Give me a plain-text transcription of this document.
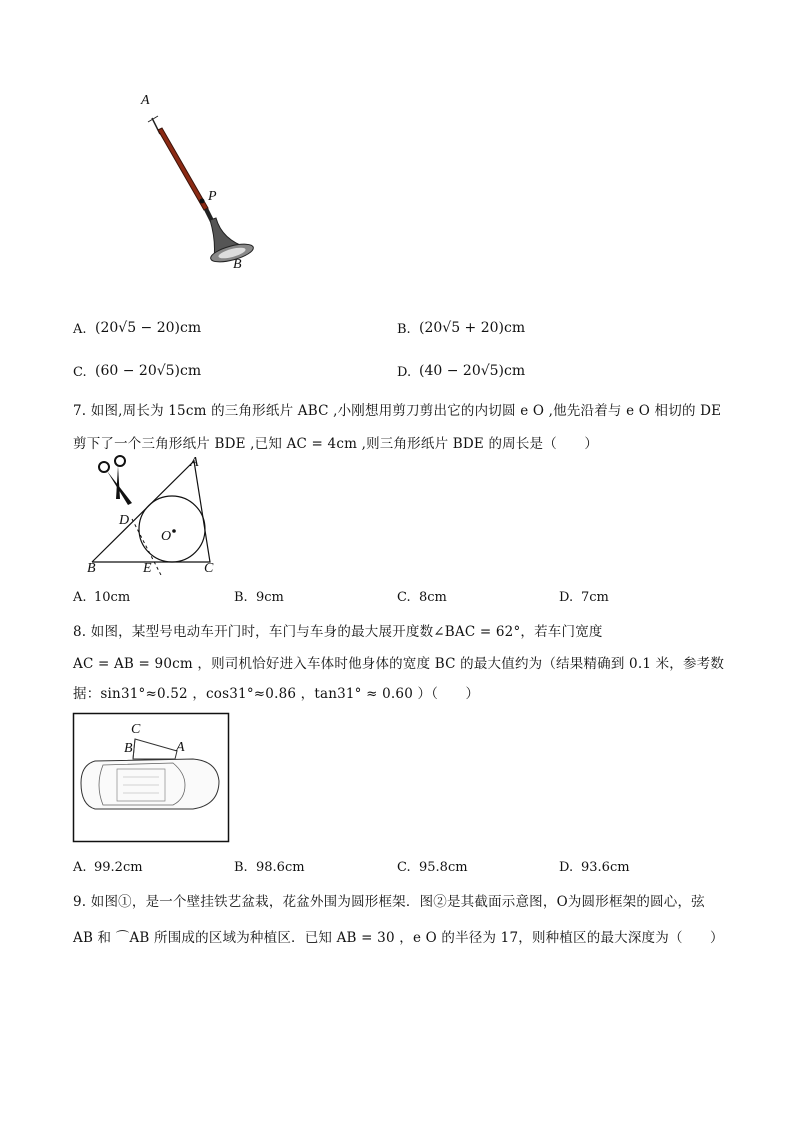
A
P
B
A. (20√5 − 20)cm	B. (20√5 + 20)cm
C. (60 − 20√5)cm	D. (40 − 20√5)cm
7. 如图,周长为 15cm 的三角形纸片 ABC ,小刚想用剪刀剪出它的内切圆 e O ,他先沿着与 e O 相切的 DE
剪下了一个三角形纸片 BDE ,已知 AC = 4cm ,则三角形纸片 BDE 的周长是（　　）
A
D
O
B	E	C
A. 10cm	B. 9cm	C. 8cm	D. 7cm
8. 如图，某型号电动车开门时，车门与车身的最大展开度数∠BAC = 62°，若车门宽度
AC = AB = 90cm ，则司机恰好进入车体时他身体的宽度 BC 的最大值约为（结果精确到 0.1 米，参考数
据：sin31°≈0.52 ，cos31°≈0.86 ，tan31° ≈ 0.60 ）（　　）
C
B	A
A. 99.2cm	B. 98.6cm	C. 95.8cm	D. 93.6cm
9. 如图①，是一个壁挂铁艺盆栽，花盆外围为圆形框架．图②是其截面示意图，O为圆形框架的圆心，弦
AB 和 ⌒AB 所围成的区域为种植区．已知 AB = 30 ，e O 的半径为 17，则种植区的最大深度为（　　）
